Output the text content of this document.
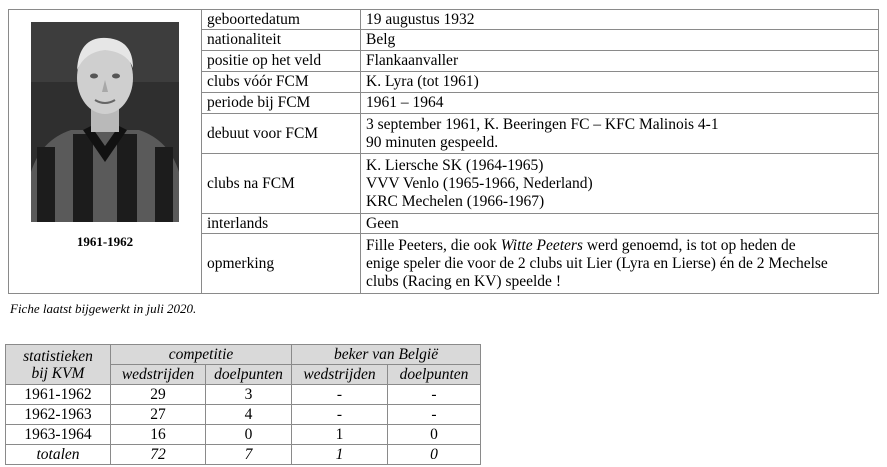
1961-1962	geboortedatum	19 augustus 1932
	nationaliteit	Belg
	positie op het veld	Flankaanvaller
	clubs vóór FCM	K. Lyra (tot 1961)
	periode bij FCM	1961 – 1964
	debuut voor FCM	3 september 1961, K. Beeringen FC – KFC Malinois 4-1
90 minuten gespeeld.

	clubs na FCM	K. Liersche SK (1964-1965)
VVV Venlo (1965-1966, Nederland)
KRC Mechelen (1966-1967)

	interlands	Geen
	opmerking	Fille Peeters, die ook Witte Peeters werd genoemd, is tot op heden de
enige speler die voor de 2 clubs uit Lier (Lyra en Lierse) én de 2 Mechelse
clubs (Racing en KV) speelde !
Fiche laatst bijgewerkt in juli 2020.
statistieken
bij KVM	competitie		beker van België	
	wedstrijden	doelpunten	wedstrijden	doelpunten
1961-1962	29	3	-	-
1962-1963	27	4	-	-
1963-1964	16	0	1	0
totalen	72	7	1	0
